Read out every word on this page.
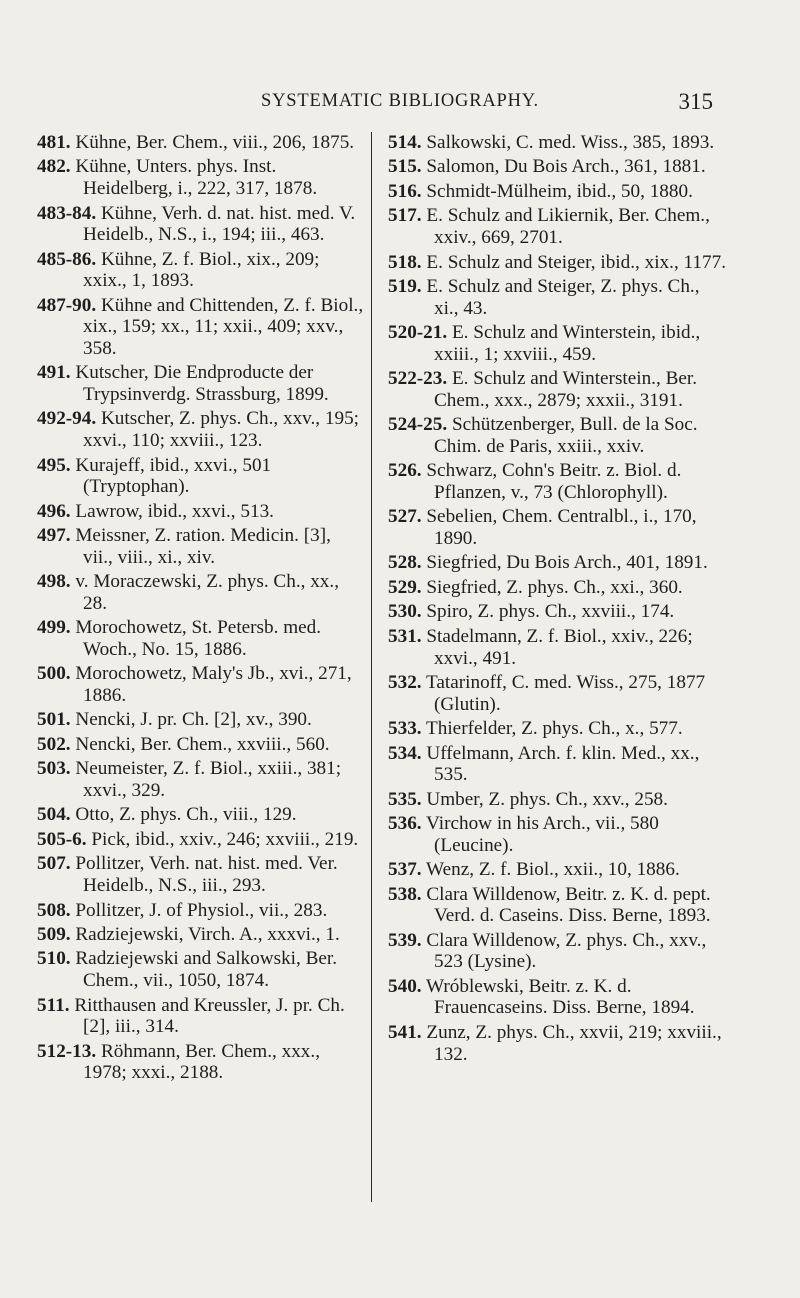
SYSTEMATIC BIBLIOGRAPHY.	315
481. Kühne, Ber. Chem., viii., 206, 1875.
482. Kühne, Unters. phys. Inst. Heidelberg, i., 222, 317, 1878.
483-84. Kühne, Verh. d. nat. hist. med. V. Heidelb., N.S., i., 194; iii., 463.
485-86. Kühne, Z. f. Biol., xix., 209; xxix., 1, 1893.
487-90. Kühne and Chittenden, Z. f. Biol., xix., 159; xx., 11; xxii., 409; xxv., 358.
491. Kutscher, Die Endproducte der Trypsinverdg. Strassburg, 1899.
492-94. Kutscher, Z. phys. Ch., xxv., 195; xxvi., 110; xxviii., 123.
495. Kurajeff, ibid., xxvi., 501 (Tryptophan).
496. Lawrow, ibid., xxvi., 513.
497. Meissner, Z. ration. Medicin. [3], vii., viii., xi., xiv.
498. v. Moraczewski, Z. phys. Ch., xx., 28.
499. Morochowetz, St. Petersb. med. Woch., No. 15, 1886.
500. Morochowetz, Maly's Jb., xvi., 271, 1886.
501. Nencki, J. pr. Ch. [2], xv., 390.
502. Nencki, Ber. Chem., xxviii., 560.
503. Neumeister, Z. f. Biol., xxiii., 381; xxvi., 329.
504. Otto, Z. phys. Ch., viii., 129.
505-6. Pick, ibid., xxiv., 246; xxviii., 219.
507. Pollitzer, Verh. nat. hist. med. Ver. Heidelb., N.S., iii., 293.
508. Pollitzer, J. of Physiol., vii., 283.
509. Radziejewski, Virch. A., xxxvi., 1.
510. Radziejewski and Salkowski, Ber. Chem., vii., 1050, 1874.
511. Ritthausen and Kreussler, J. pr. Ch. [2], iii., 314.
512-13. Röhmann, Ber. Chem., xxx., 1978; xxxi., 2188.
514. Salkowski, C. med. Wiss., 385, 1893.
515. Salomon, Du Bois Arch., 361, 1881.
516. Schmidt-Mülheim, ibid., 50, 1880.
517. E. Schulz and Likiernik, Ber. Chem., xxiv., 669, 2701.
518. E. Schulz and Steiger, ibid., xix., 1177.
519. E. Schulz and Steiger, Z. phys. Ch., xi., 43.
520-21. E. Schulz and Winterstein, ibid., xxiii., 1; xxviii., 459.
522-23. E. Schulz and Winterstein., Ber. Chem., xxx., 2879; xxxii., 3191.
524-25. Schützenberger, Bull. de la Soc. Chim. de Paris, xxiii., xxiv.
526. Schwarz, Cohn's Beitr. z. Biol. d. Pflanzen, v., 73 (Chlorophyll).
527. Sebelien, Chem. Centralbl., i., 170, 1890.
528. Siegfried, Du Bois Arch., 401, 1891.
529. Siegfried, Z. phys. Ch., xxi., 360.
530. Spiro, Z. phys. Ch., xxviii., 174.
531. Stadelmann, Z. f. Biol., xxiv., 226; xxvi., 491.
532. Tatarinoff, C. med. Wiss., 275, 1877 (Glutin).
533. Thierfelder, Z. phys. Ch., x., 577.
534. Uffelmann, Arch. f. klin. Med., xx., 535.
535. Umber, Z. phys. Ch., xxv., 258.
536. Virchow in his Arch., vii., 580 (Leucine).
537. Wenz, Z. f. Biol., xxii., 10, 1886.
538. Clara Willdenow, Beitr. z. K. d. pept. Verd. d. Caseins. Diss. Berne, 1893.
539. Clara Willdenow, Z. phys. Ch., xxv., 523 (Lysine).
540. Wróblewski, Beitr. z. K. d. Frauencaseins. Diss. Berne, 1894.
541. Zunz, Z. phys. Ch., xxvii, 219; xxviii., 132.
